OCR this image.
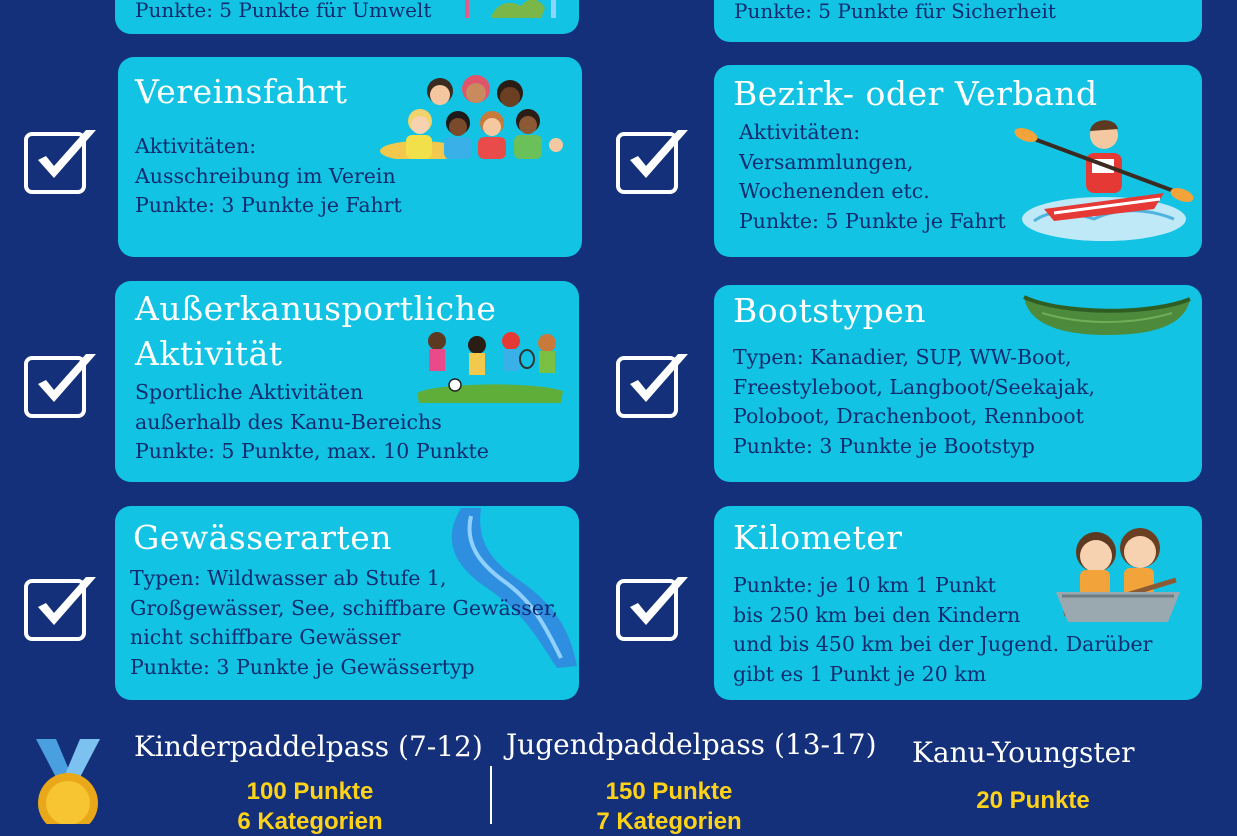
Punkte: 5 Punkte für Umwelt	Punkte: 5 Punkte für Sicherheit
Vereinsfahrt
Aktivitäten:
Ausschreibung im Verein
Punkte: 3 Punkte je Fahrt
Bezirk- oder Verband
Aktivitäten:
Versammlungen,
Wochenenden etc.
Punkte: 5 Punkte je Fahrt
Außerkanusportliche
Aktivität
Sportliche Aktivitäten
außerhalb des Kanu-Bereichs
Punkte: 5 Punkte, max. 10 Punkte
Bootstypen
Typen: Kanadier, SUP, WW-Boot,
Freestyleboot, Langboot/Seekajak,
Poloboot, Drachenboot, Rennboot
Punkte: 3 Punkte je Bootstyp
Gewässerarten
Typen: Wildwasser ab Stufe 1,
Großgewässer, See, schiffbare Gewässer,
nicht schiffbare Gewässer
Punkte: 3 Punkte je Gewässertyp
Kilometer
Punkte: je 10 km 1 Punkt
bis 250 km bei den Kindern
und bis 450 km bei der Jugend. Darüber
gibt es 1 Punkt je 20 km
Kinderpaddelpass (7-12)
100 Punkte
6 Kategorien
Jugendpaddelpass (13-17)
150 Punkte
7 Kategorien
Kanu-Youngster
20 Punkte
